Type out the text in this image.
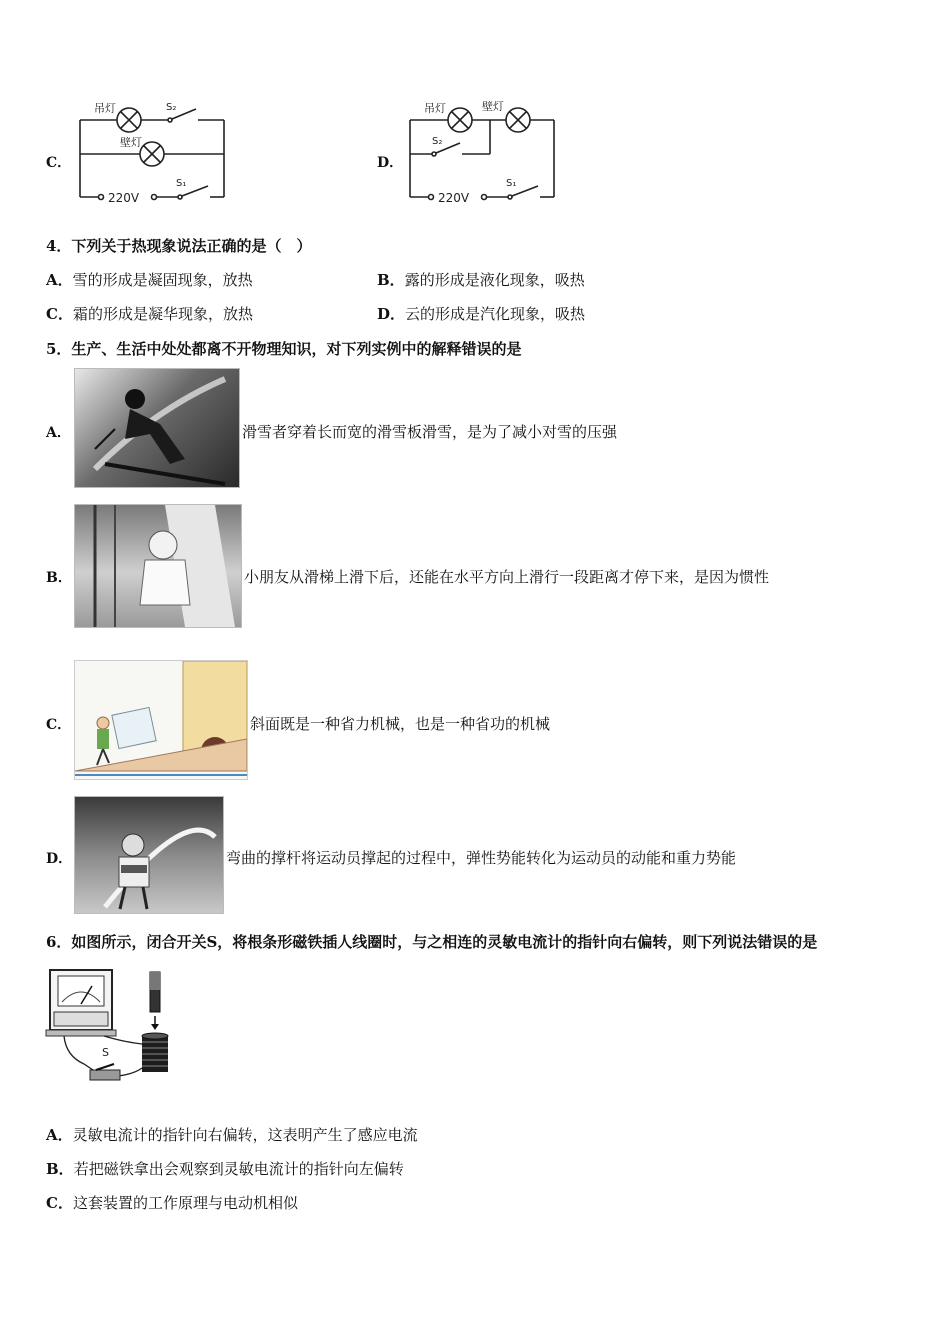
C．
吊灯	S₂
壁灯
220V
S₁
D．
吊灯	壁灯
S₂
220V
S₁
4．下列关于热现象说法正确的是（　）
A．雪的形成是凝固现象，放热	B．露的形成是液化现象，吸热
C．霜的形成是凝华现象，放热	D．云的形成是汽化现象，吸热
5．生产、生活中处处都离不开物理知识，对下列实例中的解释错误的是
A．	滑雪者穿着长而宽的滑雪板滑雪，是为了减小对雪的压强
B．	小朋友从滑梯上滑下后，还能在水平方向上滑行一段距离才停下来，是因为惯性
C．	斜面既是一种省力机械，也是一种省功的机械
D．	弯曲的撑杆将运动员撑起的过程中，弹性势能转化为运动员的动能和重力势能
6．如图所示，闭合开关S，将根条形磁铁插人线圈时，与之相连的灵敏电流计的指针向右偏转，则下列说法错误的是
S
A．灵敏电流计的指针向右偏转，这表明产生了感应电流
B．若把磁铁拿出会观察到灵敏电流计的指针向左偏转
C．这套装置的工作原理与电动机相似
